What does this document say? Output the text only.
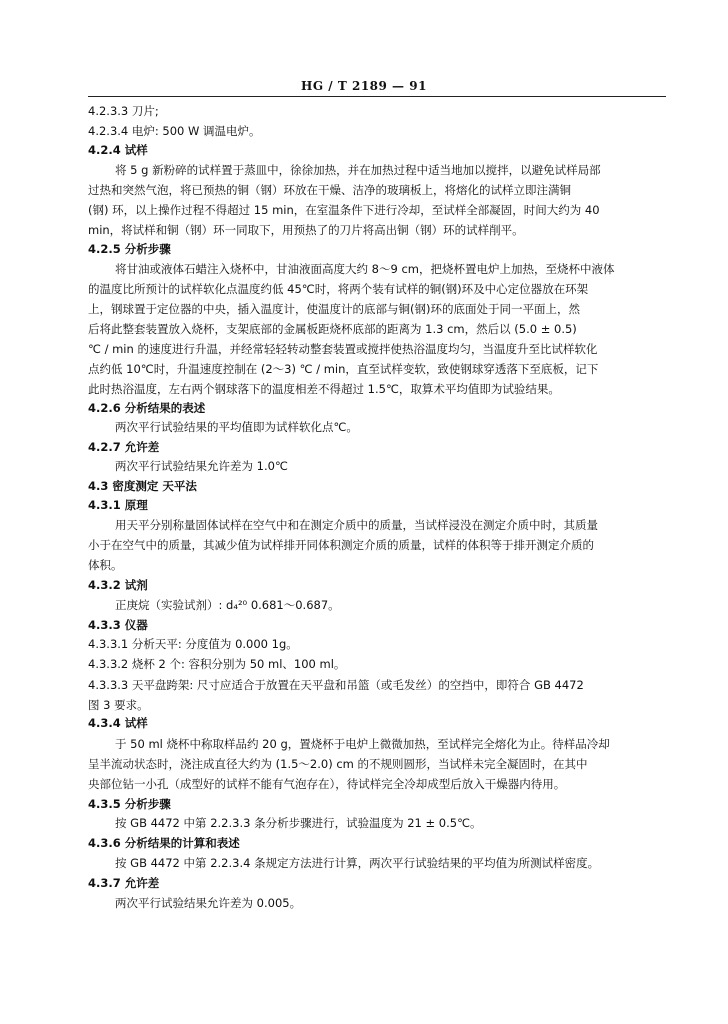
HG / T 2189 — 91
4.2.3.3 刀片;
4.2.3.4 电炉: 500 W 调温电炉。
4.2.4 试样
将 5 g 新粉碎的试样置于蒸皿中，徐徐加热，并在加热过程中适当地加以搅拌，以避免试样局部
过热和突然气泡，将已预热的铜（钢）环放在干燥、洁净的玻璃板上，将熔化的试样立即注满铜
(钢) 环，以上操作过程不得超过 15 min，在室温条件下进行冷却，至试样全部凝固，时间大约为 40
min，将试样和铜（钢）环一同取下，用预热了的刀片将高出铜（钢）环的试样削平。
4.2.5 分析步骤
将甘油或液体石蜡注入烧杯中，甘油液面高度大约 8～9 cm，把烧杯置电炉上加热，至烧杯中液体
的温度比所预计的试样软化点温度约低 45℃时，将两个装有试样的铜(钢)环及中心定位器放在环架
上，钢球置于定位器的中央，插入温度计，使温度计的底部与铜(钢)环的底面处于同一平面上，然
后将此整套装置放入烧杯，支架底部的金属板距烧杯底部的距离为 1.3 cm，然后以 (5.0 ± 0.5)
℃ / min 的速度进行升温，并经常轻轻转动整套装置或搅拌使热浴温度均匀，当温度升至比试样软化
点约低 10℃时，升温速度控制在 (2～3) ℃ / min，直至试样变软，致使钢球穿透落下至底板，记下
此时热浴温度，左右两个钢球落下的温度相差不得超过 1.5℃，取算术平均值即为试验结果。
4.2.6 分析结果的表述
两次平行试验结果的平均值即为试样软化点℃。
4.2.7 允许差
两次平行试验结果允许差为 1.0℃
4.3 密度测定 天平法
4.3.1 原理
用天平分别称量固体试样在空气中和在测定介质中的质量，当试样浸没在测定介质中时，其质量
小于在空气中的质量，其减少值为试样排开同体积测定介质的质量，试样的体积等于排开测定介质的
体积。
4.3.2 试剂
正庚烷（实验试剂）: d₄²⁰ 0.681～0.687。
4.3.3 仪器
4.3.3.1 分析天平: 分度值为 0.000 1g。
4.3.3.2 烧杯 2 个: 容积分别为 50 ml、100 ml。
4.3.3.3 天平盘跨架: 尺寸应适合于放置在天平盘和吊篮（或毛发丝）的空挡中，即符合 GB 4472
图 3 要求。
4.3.4 试样
于 50 ml 烧杯中称取样品约 20 g，置烧杯于电炉上微微加热，至试样完全熔化为止。待样品冷却
呈半流动状态时，浇注成直径大约为 (1.5～2.0) cm 的不规则圆形，当试样未完全凝固时，在其中
央部位钻一小孔（成型好的试样不能有气泡存在），待试样完全冷却成型后放入干燥器内待用。
4.3.5 分析步骤
按 GB 4472 中第 2.2.3.3 条分析步骤进行，试验温度为 21 ± 0.5℃。
4.3.6 分析结果的计算和表述
按 GB 4472 中第 2.2.3.4 条规定方法进行计算，两次平行试验结果的平均值为所测试样密度。
4.3.7 允许差
两次平行试验结果允许差为 0.005。
